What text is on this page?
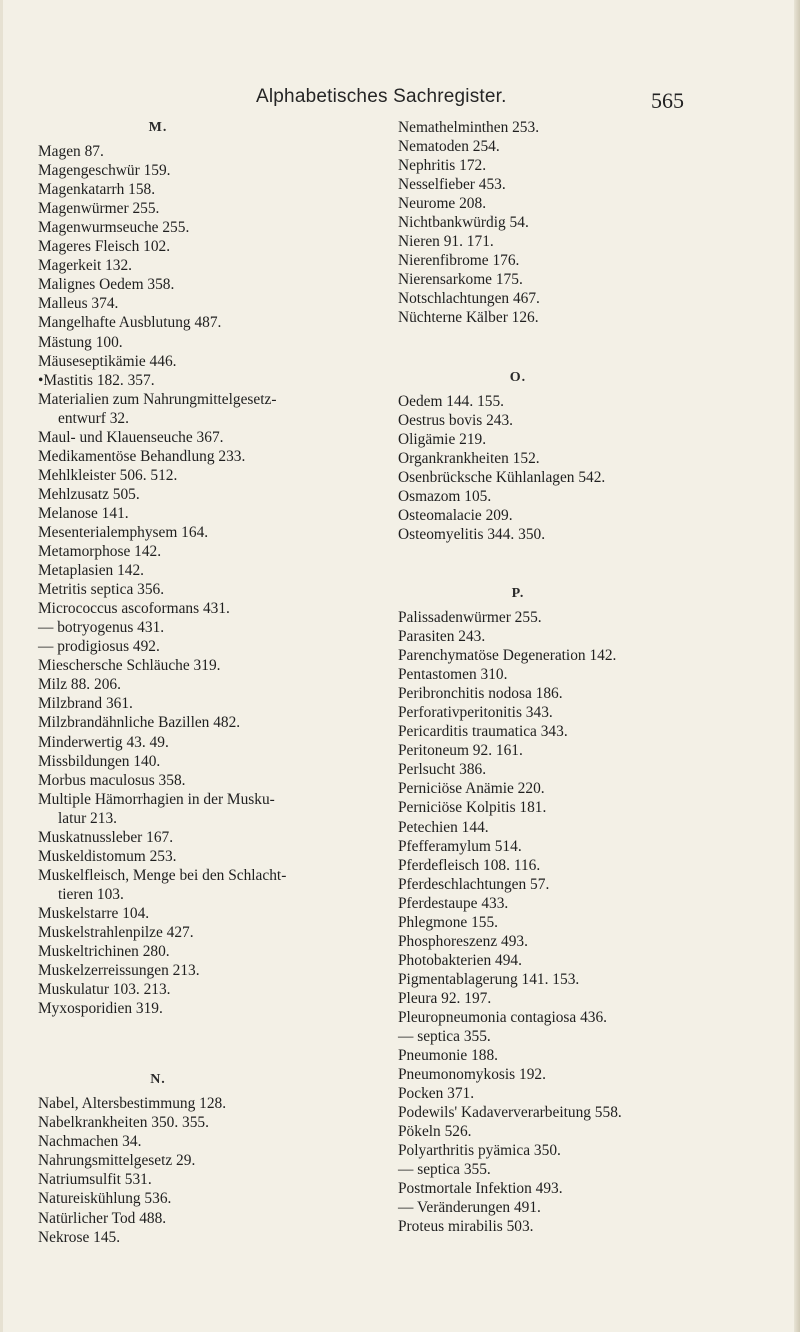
Alphabetisches Sachregister.	565
M.
Magen 87.
Magengeschwür 159.
Magenkatarrh 158.
Magenwürmer 255.
Magenwurmseuche 255.
Mageres Fleisch 102.
Magerkeit 132.
Malignes Oedem 358.
Malleus 374.
Mangelhafte Ausblutung 487.
Mästung 100.
Mäuseseptikämie 446.
•Mastitis 182. 357.
Materialien zum Nahrungmittelgesetz-
entwurf 32.
Maul- und Klauenseuche 367.
Medikamentöse Behandlung 233.
Mehlkleister 506. 512.
Mehlzusatz 505.
Melanose 141.
Mesenterialemphysem 164.
Metamorphose 142.
Metaplasien 142.
Metritis septica 356.
Micrococcus ascoformans 431.
— botryogenus 431.
— prodigiosus 492.
Mieschersche Schläuche 319.
Milz 88. 206.
Milzbrand 361.
Milzbrandähnliche Bazillen 482.
Minderwertig 43. 49.
Missbildungen 140.
Morbus maculosus 358.
Multiple Hämorrhagien in der Musku-
latur 213.
Muskatnussleber 167.
Muskeldistomum 253.
Muskelfleisch, Menge bei den Schlacht-
tieren 103.
Muskelstarre 104.
Muskelstrahlenpilze 427.
Muskeltrichinen 280.
Muskelzerreissungen 213.
Muskulatur 103. 213.
Myxosporidien 319.
N.
Nabel, Altersbestimmung 128.
Nabelkrankheiten 350. 355.
Nachmachen 34.
Nahrungsmittelgesetz 29.
Natriumsulfit 531.
Natureiskühlung 536.
Natürlicher Tod 488.
Nekrose 145.
Nemathelminthen 253.
Nematoden 254.
Nephritis 172.
Nesselfieber 453.
Neurome 208.
Nichtbankwürdig 54.
Nieren 91. 171.
Nierenfibrome 176.
Nierensarkome 175.
Notschlachtungen 467.
Nüchterne Kälber 126.
O.
Oedem 144. 155.
Oestrus bovis 243.
Oligämie 219.
Organkrankheiten 152.
Osenbrücksche Kühlanlagen 542.
Osmazom 105.
Osteomalacie 209.
Osteomyelitis 344. 350.
P.
Palissadenwürmer 255.
Parasiten 243.
Parenchymatöse Degeneration 142.
Pentastomen 310.
Peribronchitis nodosa 186.
Perforativperitonitis 343.
Pericarditis traumatica 343.
Peritoneum 92. 161.
Perlsucht 386.
Perniciöse Anämie 220.
Perniciöse Kolpitis 181.
Petechien 144.
Pfefferamylum 514.
Pferdefleisch 108. 116.
Pferdeschlachtungen 57.
Pferdestaupe 433.
Phlegmone 155.
Phosphoreszenz 493.
Photobakterien 494.
Pigmentablagerung 141. 153.
Pleura 92. 197.
Pleuropneumonia contagiosa 436.
— septica 355.
Pneumonie 188.
Pneumonomykosis 192.
Pocken 371.
Podewils' Kadaververarbeitung 558.
Pökeln 526.
Polyarthritis pyämica 350.
— septica 355.
Postmortale Infektion 493.
— Veränderungen 491.
Proteus mirabilis 503.
